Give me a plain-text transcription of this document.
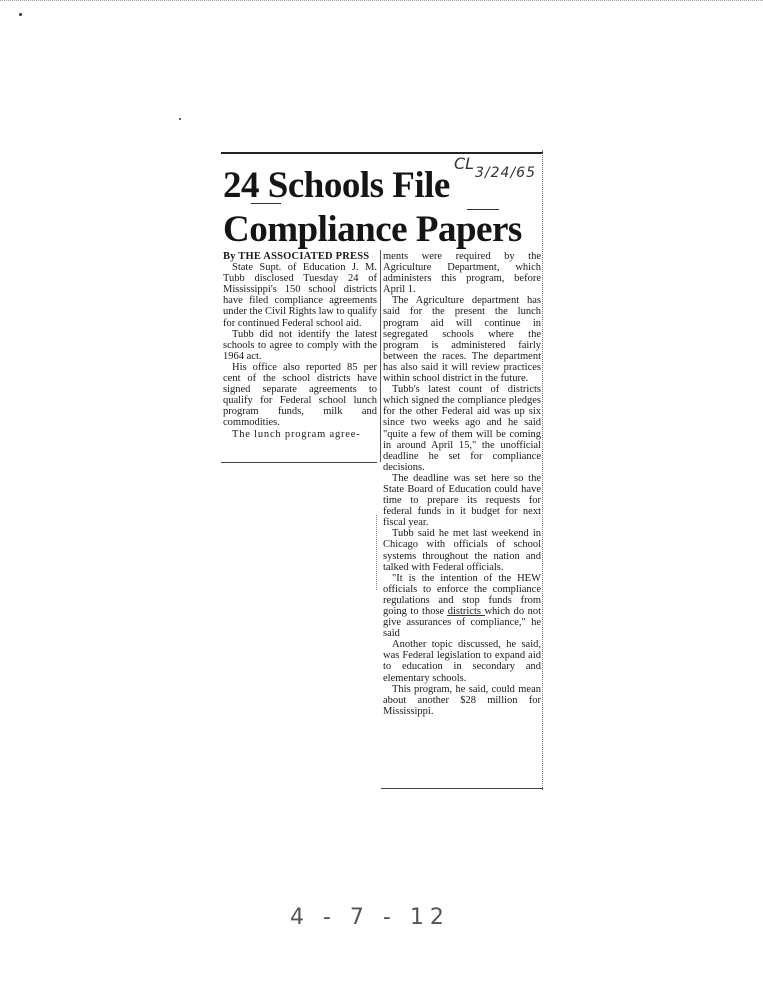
24 Schools File
Compliance Papers
CL 3/24/65

By THE ASSOCIATED PRESS

State Supt. of Education J. M. Tubb disclosed Tuesday 24 of Mississippi's 150 school districts have filed compliance agreements under the Civil Rights law to qualify for continued Federal school aid.

Tubb did not identify the latest schools to agree to comply with the 1964 act.

His office also reported 85 per cent of the school districts have signed separate agreements to qualify for Federal school lunch program funds, milk and commodities.

The lunch program agree-

ments were required by the Agriculture Department, which administers this program, before April 1.

The Agriculture department has said for the present the lunch program aid will continue in segregated schools where the program is administered fairly between the races. The department has also said it will review practices within school district in the future.

Tubb's latest count of districts which signed the compliance pledges for the other Federal aid was up six since two weeks ago and he said "quite a few of them will be coming in around April 15," the unofficial deadline he set for compliance decisions.

The deadline was set here so the State Board of Education could have time to prepare its requests for federal funds in it budget for next fiscal year.

Tubb said he met last weekend in Chicago with officials of school systems throughout the nation and talked with Federal officials.

"It is the intention of the HEW officials to enforce the compliance regulations and stop funds from going to those districts which do not give assurances of compliance," he said

Another topic discussed, he said, was Federal legislation to expand aid to education in secondary and elementary schools.

This program, he said, could mean about another $28 million for Mississippi.

4 - 7 - 12
